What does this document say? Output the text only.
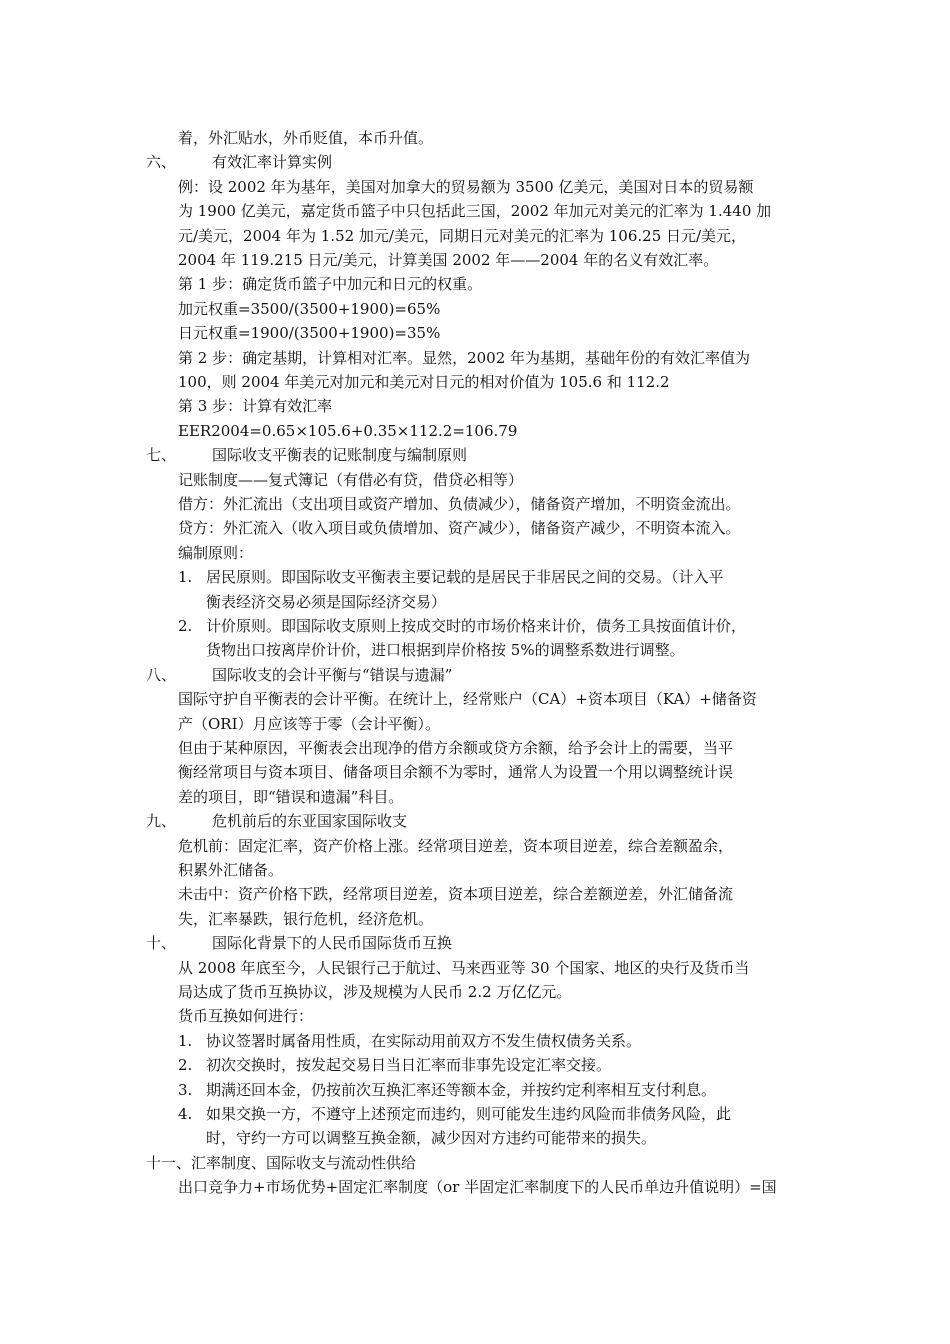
着，外汇贴水，外币贬值，本币升值。
六、 有效汇率计算实例
例：设 2002 年为基年，美国对加拿大的贸易额为 3500 亿美元，美国对日本的贸易额
为 1900 亿美元，嘉定货币篮子中只包括此三国，2002 年加元对美元的汇率为 1.440 加
元/美元，2004 年为 1.52 加元/美元，同期日元对美元的汇率为 106.25 日元/美元，
2004 年 119.215 日元/美元，计算美国 2002 年——2004 年的名义有效汇率。
第 1 步：确定货币篮子中加元和日元的权重。
加元权重=3500/(3500+1900)=65%
日元权重=1900/(3500+1900)=35%
第 2 步：确定基期，计算相对汇率。显然，2002 年为基期，基础年份的有效汇率值为
100，则 2004 年美元对加元和美元对日元的相对价值为 105.6 和 112.2
第 3 步：计算有效汇率
EER2004=0.65×105.6+0.35×112.2=106.79
七、 国际收支平衡表的记账制度与编制原则
记账制度——复式簿记（有借必有贷，借贷必相等）
借方：外汇流出（支出项目或资产增加、负债减少），储备资产增加，不明资金流出。
贷方：外汇流入（收入项目或负债增加、资产减少），储备资产减少，不明资本流入。
编制原则：
1. 居民原则。即国际收支平衡表主要记载的是居民于非居民之间的交易。（计入平
衡表经济交易必须是国际经济交易）
2. 计价原则。即国际收支原则上按成交时的市场价格来计价，债务工具按面值计价，
货物出口按离岸价计价，进口根据到岸价格按 5%的调整系数进行调整。
八、 国际收支的会计平衡与“错误与遗漏”
国际守护自平衡表的会计平衡。在统计上，经常账户（CA）+资本项目（KA）+储备资
产（ORI）月应该等于零（会计平衡）。
但由于某种原因，平衡表会出现净的借方余额或贷方余额，给予会计上的需要，当平
衡经常项目与资本项目、储备项目余额不为零时，通常人为设置一个用以调整统计误
差的项目，即“错误和遗漏”科目。
九、 危机前后的东亚国家国际收支
危机前：固定汇率，资产价格上涨。经常项目逆差，资本项目逆差，综合差额盈余，
积累外汇储备。
未击中：资产价格下跌，经常项目逆差，资本项目逆差，综合差额逆差，外汇储备流
失，汇率暴跌，银行危机，经济危机。
十、 国际化背景下的人民币国际货币互换
从 2008 年底至今，人民银行己于航过、马来西亚等 30 个国家、地区的央行及货币当
局达成了货币互换协议，涉及规模为人民币 2.2 万亿亿元。
货币互换如何进行：
1. 协议签署时属备用性质，在实际动用前双方不发生债权债务关系。
2. 初次交换时，按发起交易日当日汇率而非事先设定汇率交接。
3. 期满还回本金，仍按前次互换汇率还等额本金，并按约定利率相互支付利息。
4. 如果交换一方，不遵守上述预定而违约，则可能发生违约风险而非债务风险，此
时，守约一方可以调整互换金额，减少因对方违约可能带来的损失。
十一、汇率制度、国际收支与流动性供给
出口竞争力+市场优势+固定汇率制度（or 半固定汇率制度下的人民币单边升值说明）=国
